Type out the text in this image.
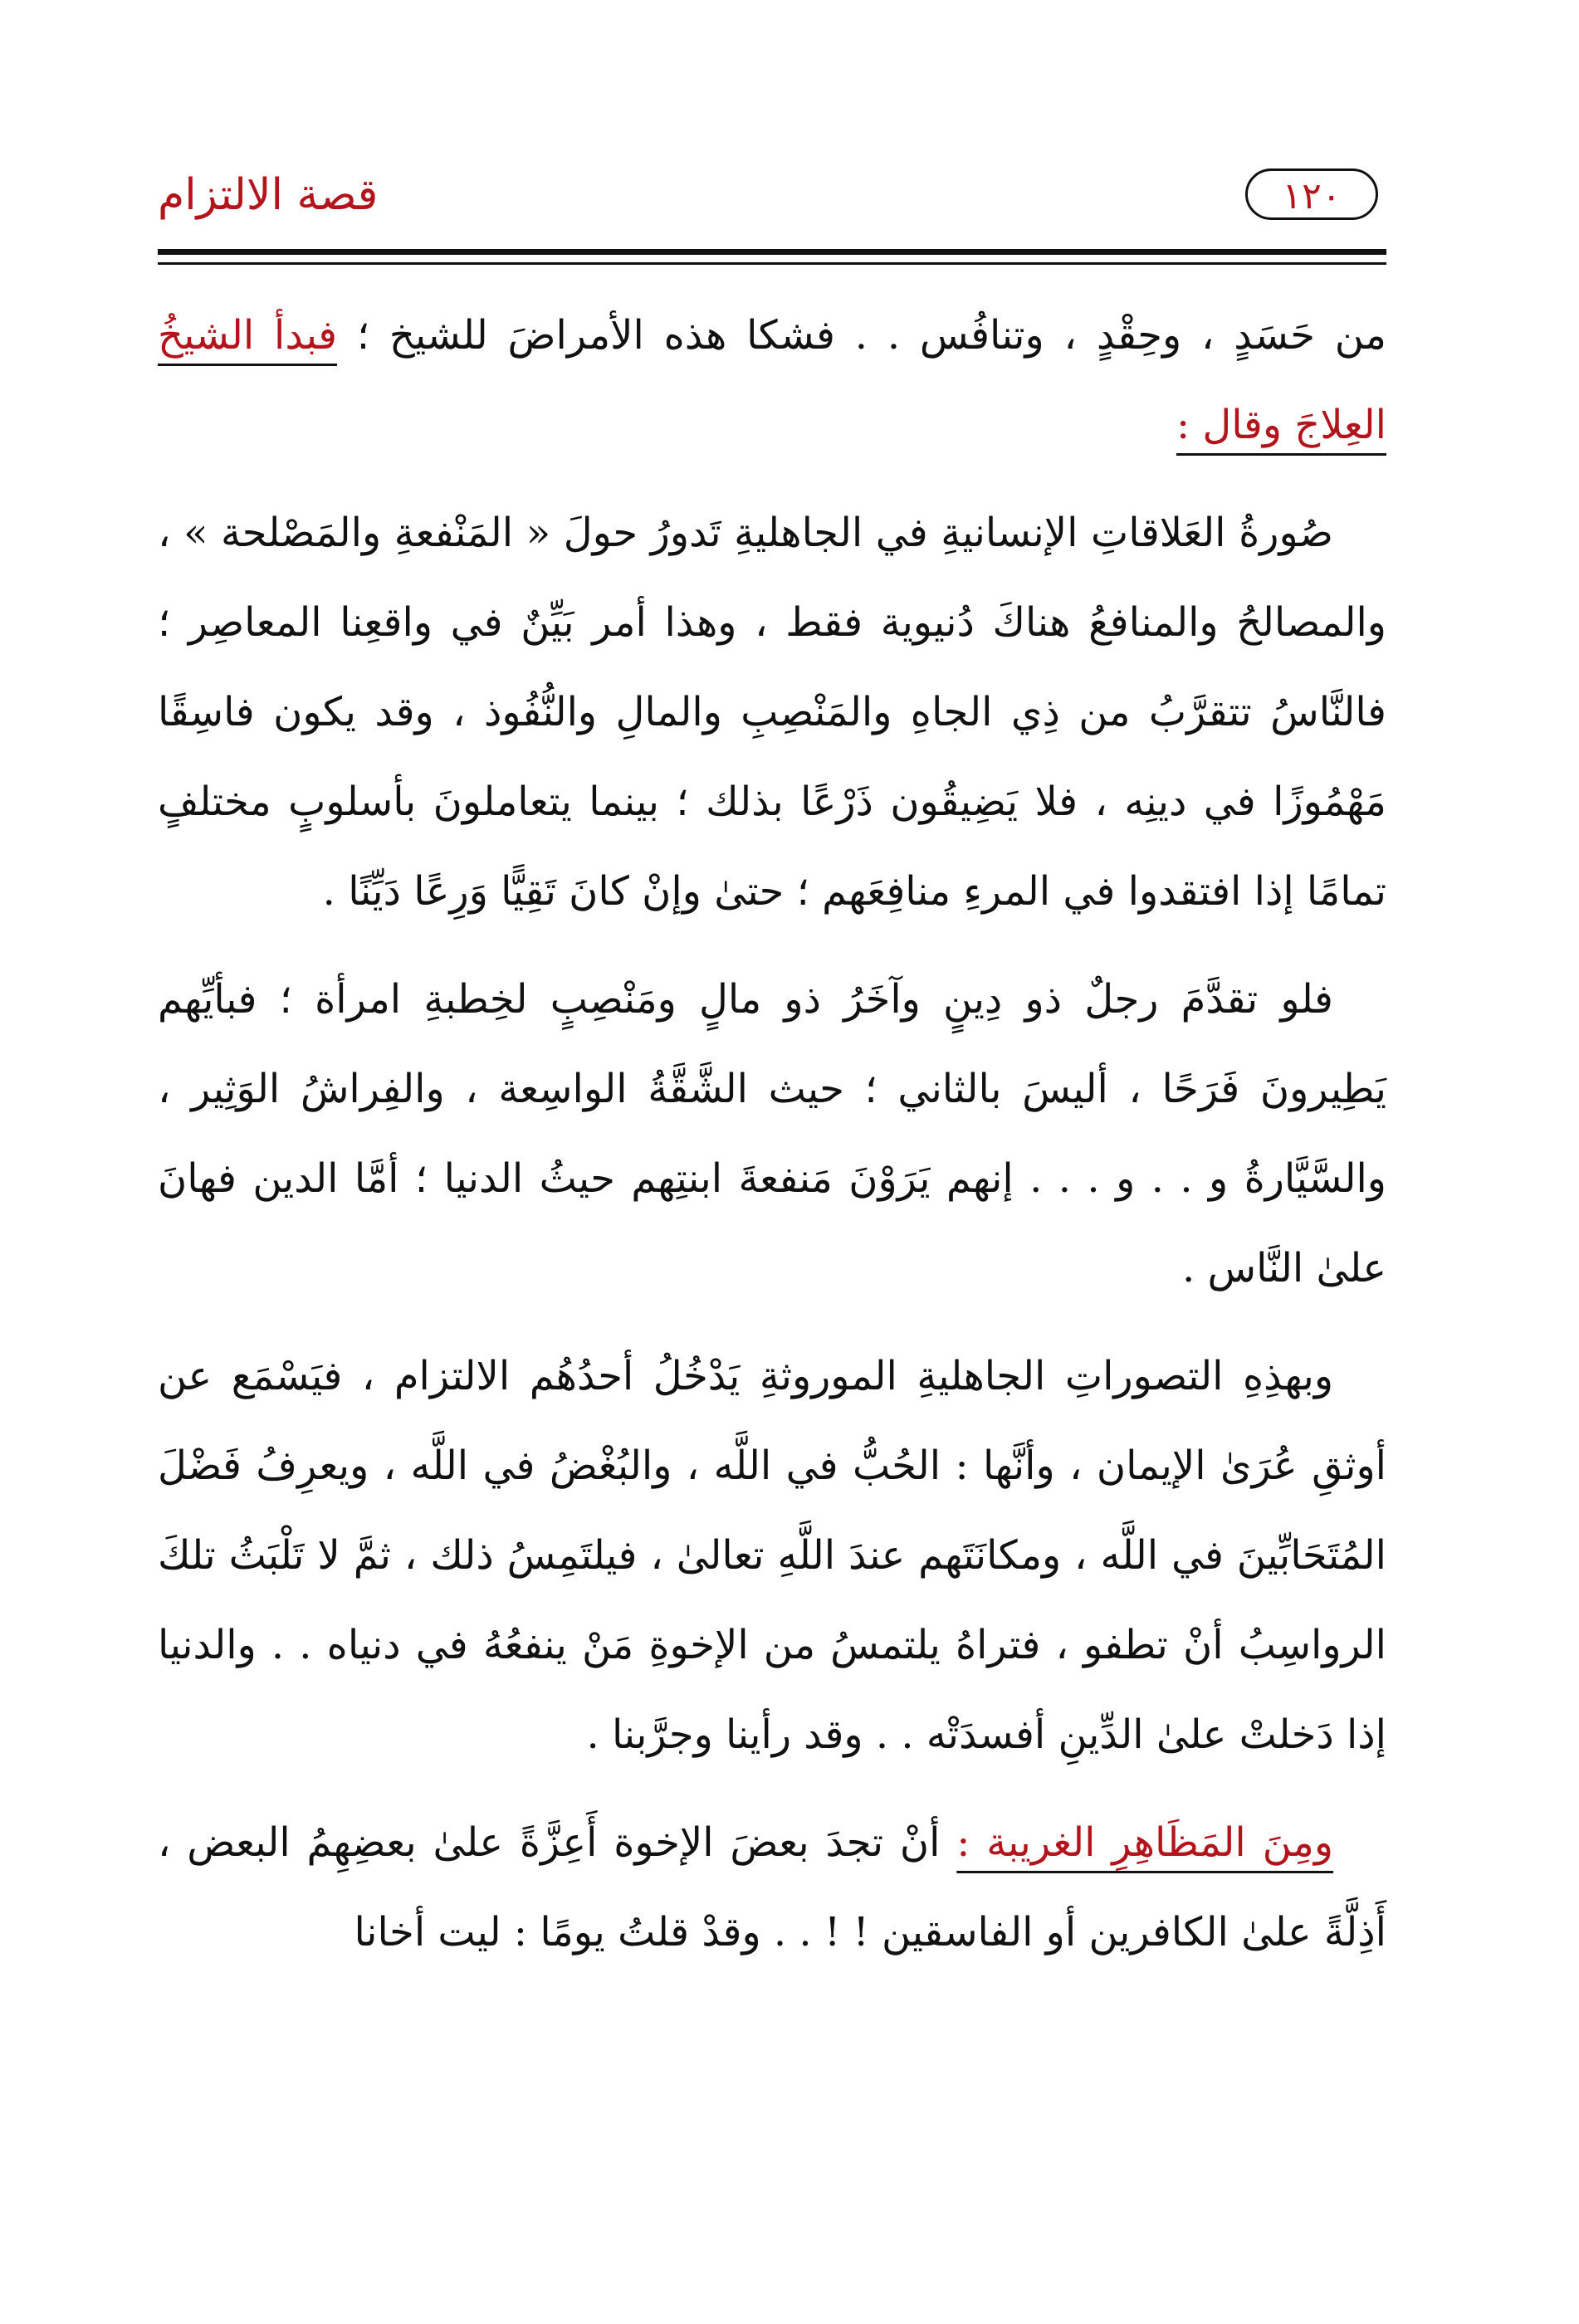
قصة الالتزام	١٢٠

من حَسَدٍ ، وحِقْدٍ ، وتنافُس . . فشكا هذه الأمراضَ للشيخ ؛ فبدأ الشيخُ العِلاجَ وقال :

صُورةُ العَلاقاتِ الإنسانيةِ في الجاهليةِ تَدورُ حولَ « المَنْفعةِ والمَصْلحة » ، والمصالحُ والمنافعُ هناكَ دُنيوية فقط ، وهذا أمر بَيِّنٌ في واقعِنا المعاصِر ؛ فالنَّاسُ تتقرَّبُ من ذِي الجاهِ والمَنْصِبِ والمالِ والنُّفُوذ ، وقد يكون فاسِقًا مَهْمُوزًا في دينِه ، فلا يَضِيقُون ذَرْعًا بذلك ؛ بينما يتعاملونَ بأسلوبٍ مختلفٍ تمامًا إذا افتقدوا في المرءِ منافِعَهم ؛ حتىٰ وإنْ كانَ تَقِيًّا وَرِعًا دَيِّنًا .

فلو تقدَّمَ رجلٌ ذو دِينٍ وآخَرُ ذو مالٍ ومَنْصِبٍ لخِطبةِ امرأة ؛ فبأيِّهم يَطِيرونَ فَرَحًا ، أليسَ بالثاني ؛ حيث الشَّقَّةُ الواسِعة ، والفِراشُ الوَثِير ، والسَّيَّارةُ و . . و . . . إنهم يَرَوْنَ مَنفعةَ ابنتِهم حيثُ الدنيا ؛ أمَّا الدين فهانَ علىٰ النَّاس .

وبهذِهِ التصوراتِ الجاهليةِ الموروثةِ يَدْخُلُ أحدُهُم الالتزام ، فيَسْمَع عن أوثقِ عُرَىٰ الإيمان ، وأنَّها : الحُبُّ في اللَّه ، والبُغْضُ في اللَّه ، ويعرِفُ فَضْلَ المُتَحَابِّينَ في اللَّه ، ومكانَتَهم عندَ اللَّهِ تعالىٰ ، فيلتَمِسُ ذلك ، ثمَّ لا تَلْبَثُ تلكَ الرواسِبُ أنْ تطفو ، فتراهُ يلتمسُ من الإخوةِ مَنْ ينفعُهُ في دنياه . . والدنيا إذا دَخلتْ علىٰ الدِّينِ أفسدَتْه . . وقد رأينا وجرَّبنا .

ومِنَ المَظَاهِرِ الغريبة : أنْ تجدَ بعضَ الإخوة أَعِزَّةً علىٰ بعضِهِمُ البعض ، أَذِلَّةً علىٰ الكافرين أو الفاسقين ! ! . . وقدْ قلتُ يومًا : ليت أخانا
